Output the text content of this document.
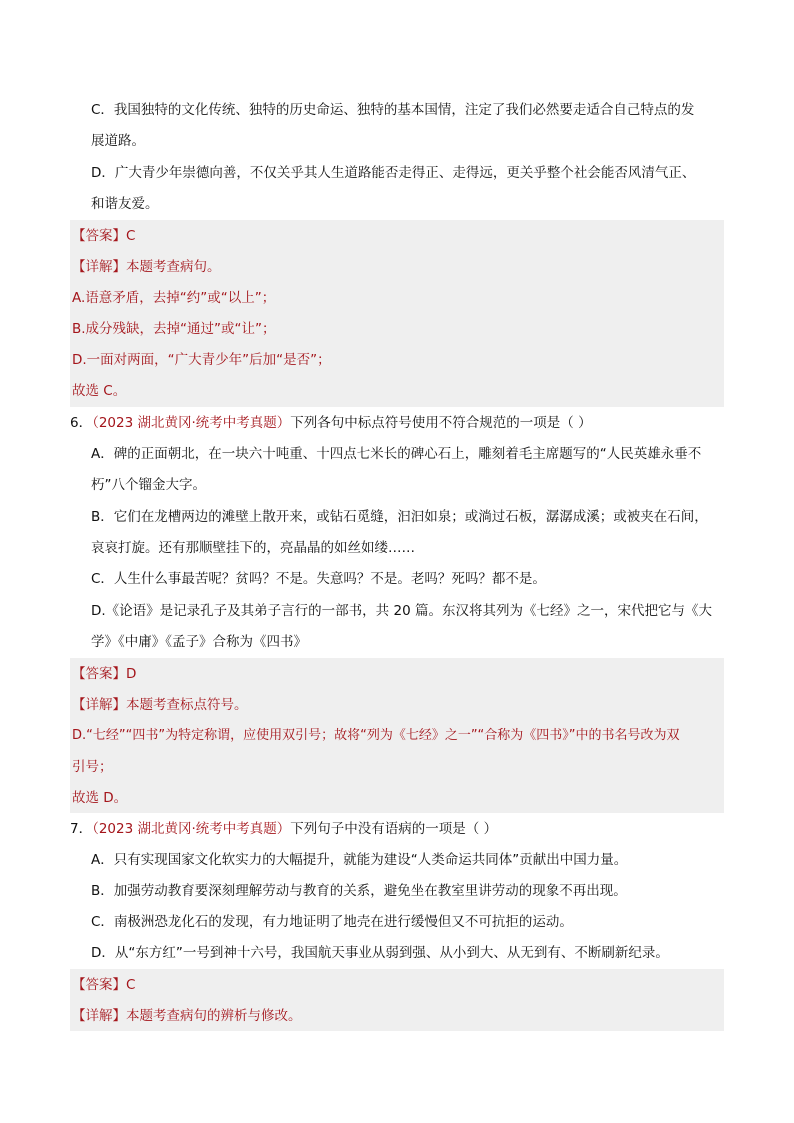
C．我国独特的文化传统、独特的历史命运、独特的基本国情，注定了我们必然要走适合自己特点的发
展道路。
D．广大青少年崇德向善，不仅关乎其人生道路能否走得正、走得远，更关乎整个社会能否风清气正、
和谐友爱。
【答案】C
【详解】本题考查病句。
A.语意矛盾，去掉“约”或“以上”；
B.成分残缺，去掉“通过”或“让”；
D.一面对两面，“广大青少年”后加“是否”；
故选 C。
6．（2023 湖北黄冈·统考中考真题）下列各句中标点符号使用不符合规范的一项是（ ）
A．碑的正面朝北，在一块六十吨重、十四点七米长的碑心石上，雕刻着毛主席题写的“人民英雄永垂不
朽”八个镏金大字。
B．它们在龙槽两边的滩壁上散开来，或钻石觅缝，汩汩如泉；或淌过石板，潺潺成溪；或被夹在石间，
哀哀打旋。还有那顺壁挂下的，亮晶晶的如丝如缕……
C．人生什么事最苦呢？贫吗？不是。失意吗？不是。老吗？死吗？都不是。
D.《论语》是记录孔子及其弟子言行的一部书，共 20 篇。东汉将其列为《七经》之一，宋代把它与《大
学》《中庸》《孟子》合称为《四书》
【答案】D
【详解】本题考查标点符号。
D.“七经”“四书”为特定称谓，应使用双引号；故将“列为《七经》之一”“合称为《四书》”中的书名号改为双
引号；
故选 D。
7．（2023 湖北黄冈·统考中考真题）下列句子中没有语病的一项是（ ）
A．只有实现国家文化软实力的大幅提升，就能为建设“人类命运共同体”贡献出中国力量。
B．加强劳动教育要深刻理解劳动与教育的关系，避免坐在教室里讲劳动的现象不再出现。
C．南极洲恐龙化石的发现，有力地证明了地壳在进行缓慢但又不可抗拒的运动。
D．从“东方红”一号到神十六号，我国航天事业从弱到强、从小到大、从无到有、不断刷新纪录。
【答案】C
【详解】本题考查病句的辨析与修改。
